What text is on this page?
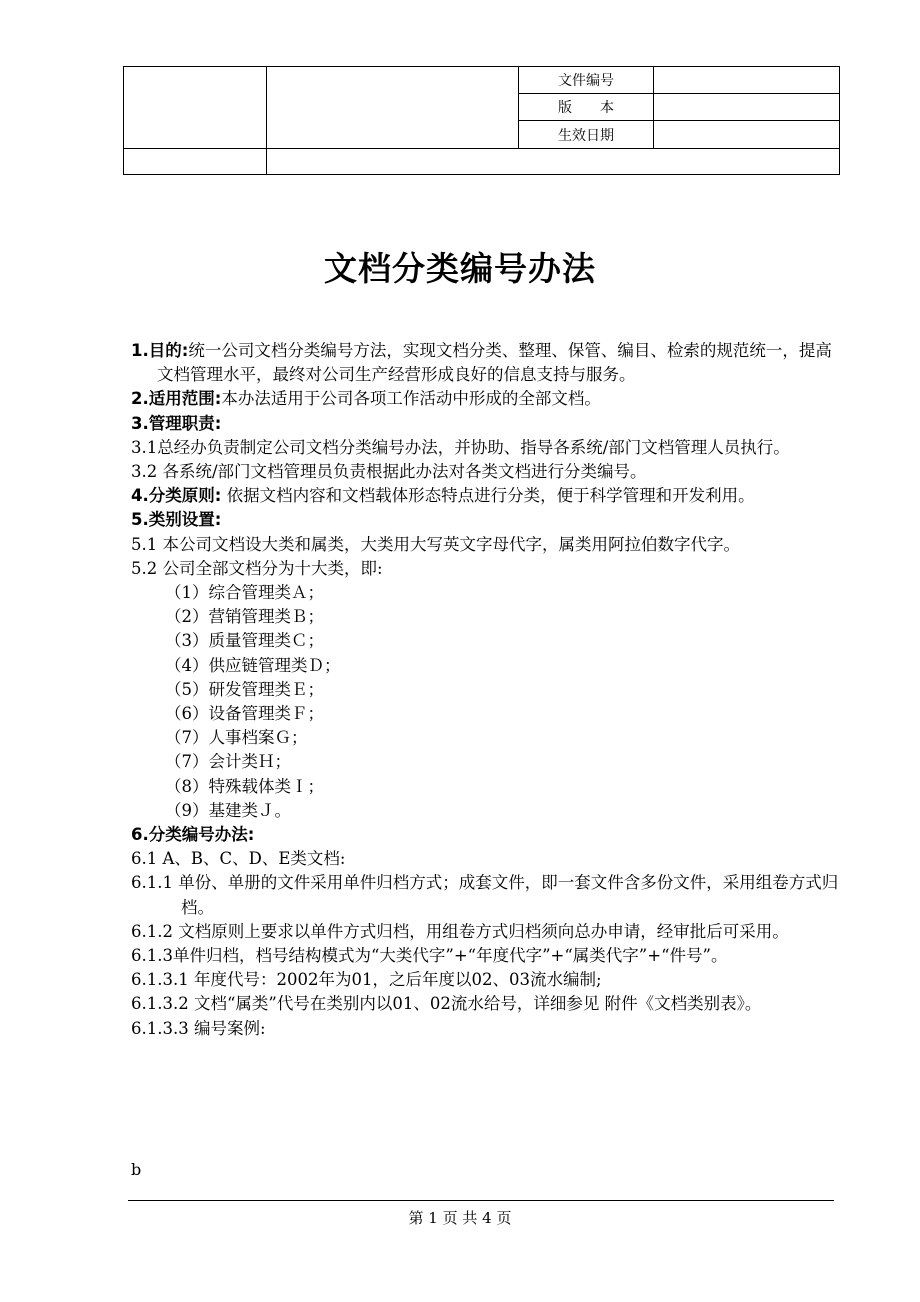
		文件编号	
		版　　本	
		生效日期	

文档分类编号办法

1.目的:统一公司文档分类编号方法，实现文档分类、整理、保管、编目、检索的规范统一，提高文档管理水平，最终对公司生产经营形成良好的信息支持与服务。

2.适用范围:本办法适用于公司各项工作活动中形成的全部文档。

3.管理职责:

3.1总经办负责制定公司文档分类编号办法，并协助、指导各系统/部门文档管理人员执行。

3.2 各系统/部门文档管理员负责根据此办法对各类文档进行分类编号。

4.分类原则: 依据文档内容和文档载体形态特点进行分类，便于科学管理和开发利用。

5.类别设置:

5.1 本公司文档设大类和属类，大类用大写英文字母代字，属类用阿拉伯数字代字。

5.2 公司全部文档分为十大类，即:

（1）综合管理类Ａ；

（2）营销管理类Ｂ；

（3）质量管理类Ｃ；

（4）供应链管理类Ｄ；

（5）研发管理类Ｅ；

（6）设备管理类Ｆ；

（7）人事档案Ｇ；

（7）会计类Ｈ；

（8）特殊载体类Ｉ；

（9）基建类Ｊ。

6.分类编号办法:

6.1 A、B、C、D、E类文档:

6.1.1 单份、单册的文件采用单件归档方式；成套文件，即一套文件含多份文件，采用组卷方式归档。

6.1.2 文档原则上要求以单件方式归档，用组卷方式归档须向总办申请，经审批后可采用。

6.1.3单件归档，档号结构模式为“大类代字”+“年度代字”+“属类代字”+“件号”。

6.1.3.1 年度代号：2002年为01，之后年度以02、03流水编制;

6.1.3.2 文档“属类”代号在类别内以01、02流水给号，详细参见 附件《文档类别表》。

6.1.3.3 编号案例:

b
第 1 页 共 4 页
